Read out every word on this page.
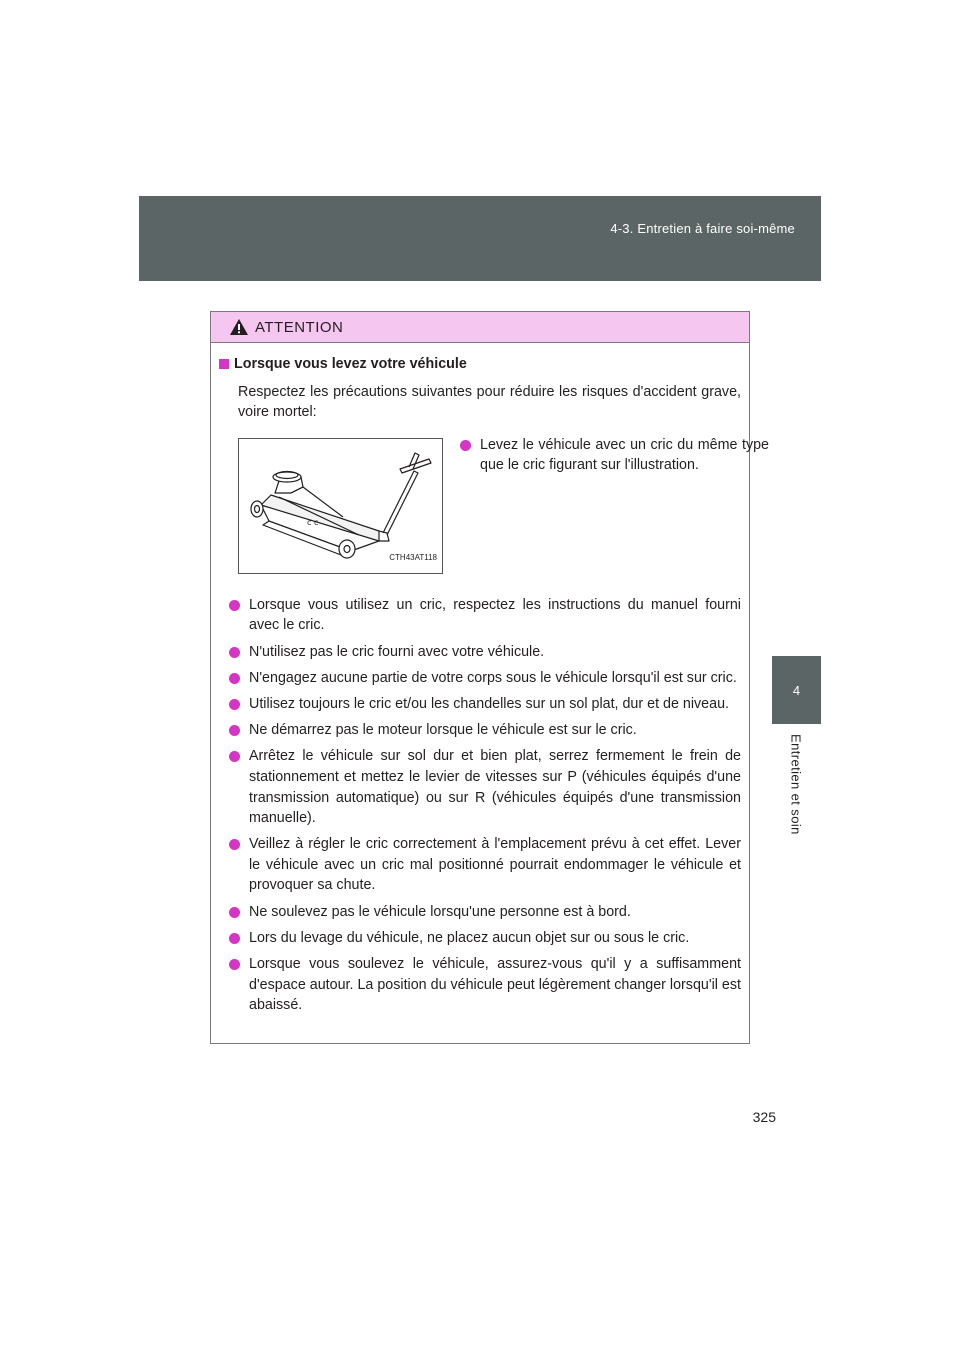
4-3. Entretien à faire soi-même
4
Entretien et soin
ATTENTION
Lorsque vous levez votre véhicule
Respectez les précautions suivantes pour réduire les risques d'accident grave, voire mortel:
c c
CTH43AT118
Levez le véhicule avec un cric du même type que le cric figurant sur l'illustration.
Lorsque vous utilisez un cric, respectez les instructions du manuel fourni avec le cric.
N'utilisez pas le cric fourni avec votre véhicule.
N'engagez aucune partie de votre corps sous le véhicule lorsqu'il est sur cric.
Utilisez toujours le cric et/ou les chandelles sur un sol plat, dur et de niveau.
Ne démarrez pas le moteur lorsque le véhicule est sur le cric.
Arrêtez le véhicule sur sol dur et bien plat, serrez fermement le frein de stationnement et mettez le levier de vitesses sur P (véhicules équipés d'une transmission automatique) ou sur R (véhicules équipés d'une transmission manuelle).
Veillez à régler le cric correctement à l'emplacement prévu à cet effet. Lever le véhicule avec un cric mal positionné pourrait endommager le véhicule et provoquer sa chute.
Ne soulevez pas le véhicule lorsqu'une personne est à bord.
Lors du levage du véhicule, ne placez aucun objet sur ou sous le cric.
Lorsque vous soulevez le véhicule, assurez-vous qu'il y a suffisamment d'espace autour. La position du véhicule peut légèrement changer lorsqu'il est abaissé.
325
